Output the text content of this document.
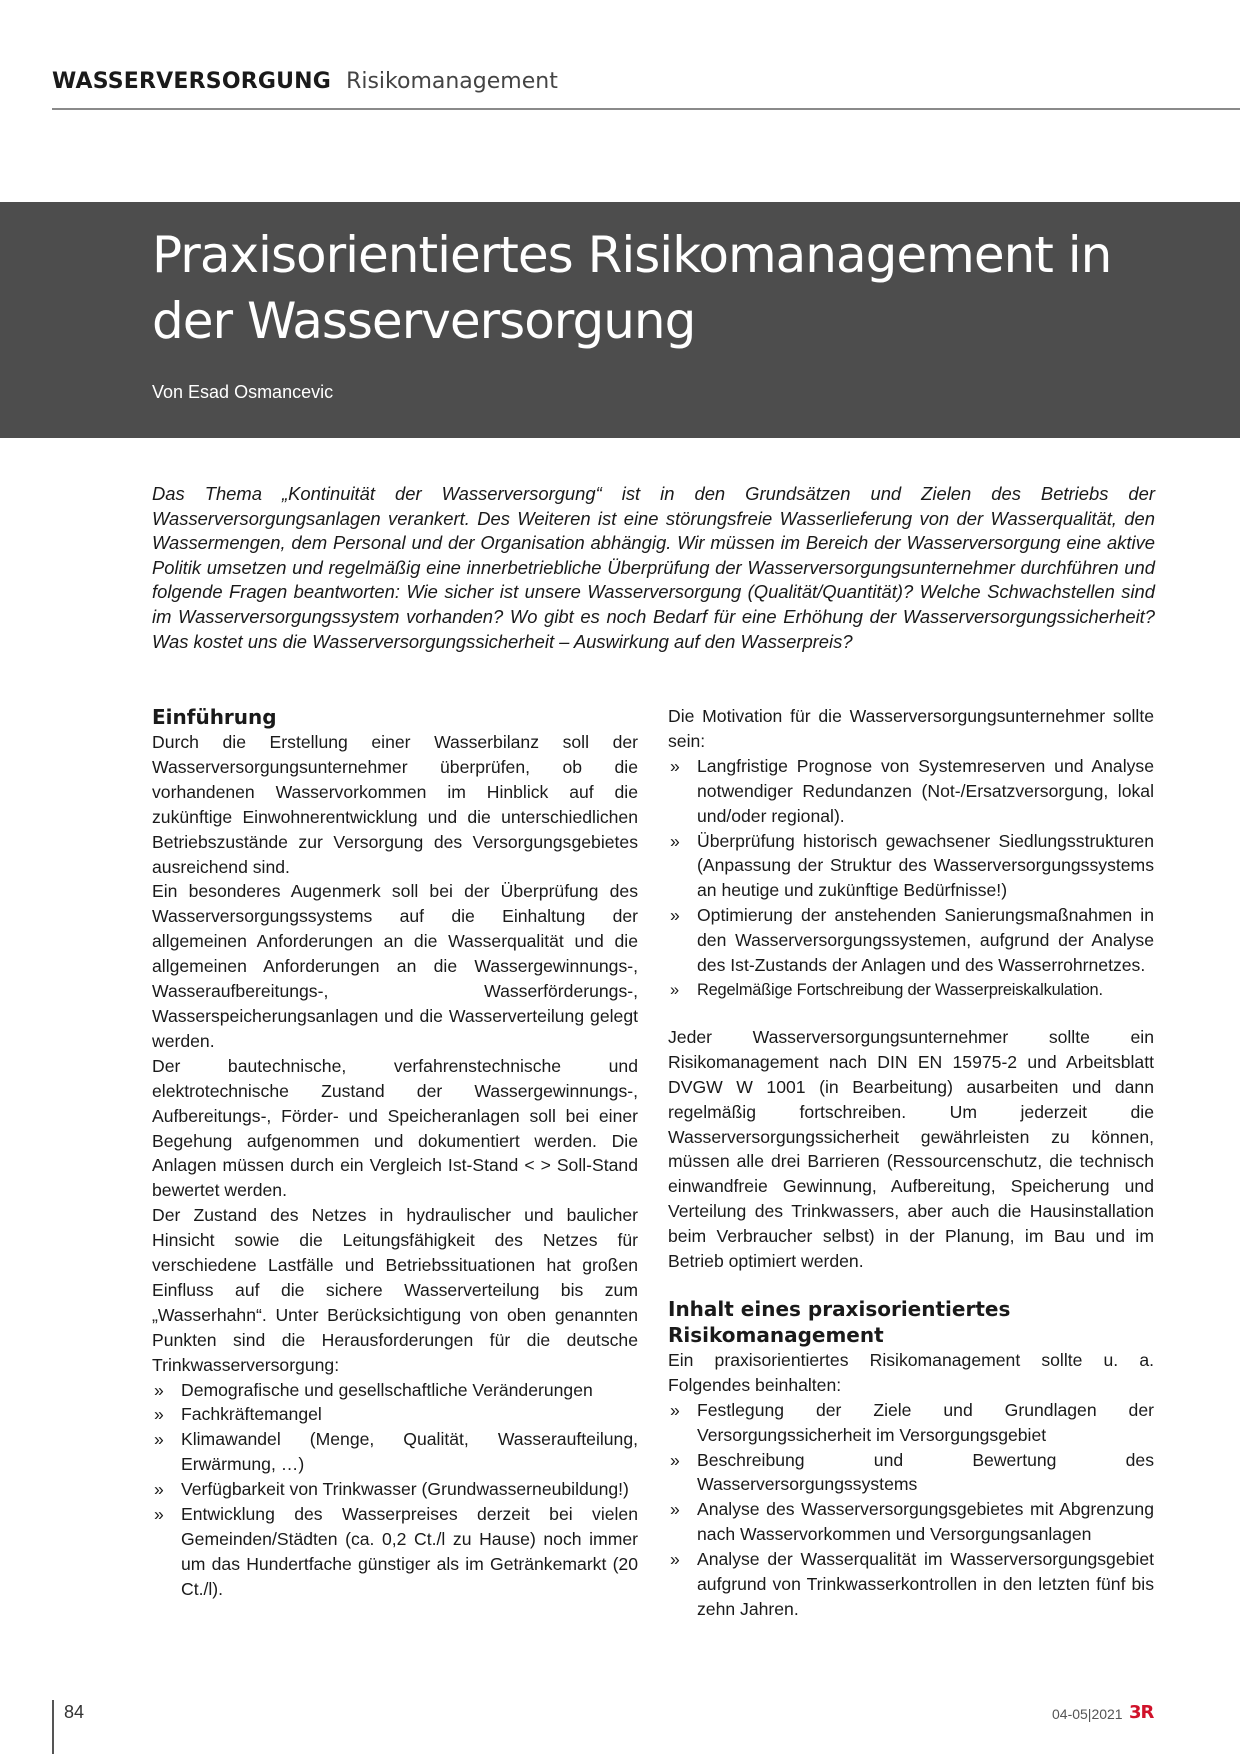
WASSERVERSORGUNG Risikomanagement
Praxisorientiertes Risikomanagement in der Wasserversorgung
Von Esad Osmancevic

Das Thema „Kontinuität der Wasserversorgung“ ist in den Grundsätzen und Zielen des Betriebs der Wasserversorgungsanlagen verankert. Des Weiteren ist eine störungsfreie Wasserlieferung von der Wasserqualität, den Wassermengen, dem Personal und der Organisation abhängig. Wir müssen im Bereich der Wasserversorgung eine aktive Politik umsetzen und regelmäßig eine innerbetriebliche Überprüfung der Wasserversorgungsunternehmer durchführen und folgende Fragen beantworten: Wie sicher ist unsere Wasserversorgung (Qualität/Quantität)? Welche Schwachstellen sind im Wasserversorgungssystem vorhanden? Wo gibt es noch Bedarf für eine Erhöhung der Wasserversorgungssicherheit? Was kostet uns die Wasserversorgungssicherheit – Auswirkung auf den Wasserpreis?

Einführung

Durch die Erstellung einer Wasserbilanz soll der Wasserversorgungsunternehmer überprüfen, ob die vorhandenen Wasservorkommen im Hinblick auf die zukünftige Einwohnerentwicklung und die unterschiedlichen Betriebszustände zur Versorgung des Versorgungsgebietes ausreichend sind.

Ein besonderes Augenmerk soll bei der Überprüfung des Wasserversorgungssystems auf die Einhaltung der allgemeinen Anforderungen an die Wasserqualität und die allgemeinen Anforderungen an die Wassergewinnungs-, Wasseraufbereitungs-, Wasserförderungs-, Wasserspeicherungsanlagen und die Wasserverteilung gelegt werden.

Der bautechnische, verfahrenstechnische und elektrotechnische Zustand der Wassergewinnungs-, Aufbereitungs-, Förder- und Speicheranlagen soll bei einer Begehung aufgenommen und dokumentiert werden. Die Anlagen müssen durch ein Vergleich Ist-Stand < > Soll-Stand bewertet werden.

Der Zustand des Netzes in hydraulischer und baulicher Hinsicht sowie die Leitungsfähigkeit des Netzes für verschiedene Lastfälle und Betriebssituationen hat großen Einfluss auf die sichere Wasserverteilung bis zum „Wasserhahn“. Unter Berücksichtigung von oben genannten Punkten sind die Herausforderungen für die deutsche Trinkwasserversorgung:

» Demografische und gesellschaftliche Veränderungen
» Fachkräftemangel
» Klimawandel (Menge, Qualität, Wasseraufteilung, Erwärmung, …)
» Verfügbarkeit von Trinkwasser (Grundwasserneubildung!)
» Entwicklung des Wasserpreises derzeit bei vielen Gemeinden/Städten (ca. 0,2 Ct./l zu Hause) noch immer um das Hundertfache günstiger als im Getränkemarkt (20 Ct./l).

Die Motivation für die Wasserversorgungsunternehmer sollte sein:

» Langfristige Prognose von Systemreserven und Analyse notwendiger Redundanzen (Not-/Ersatzversorgung, lokal und/oder regional).
» Überprüfung historisch gewachsener Siedlungsstrukturen (Anpassung der Struktur des Wasserversorgungssystems an heutige und zukünftige Bedürfnisse!)
» Optimierung der anstehenden Sanierungsmaßnahmen in den Wasserversorgungssystemen, aufgrund der Analyse des Ist-Zustands der Anlagen und des Wasserrohrnetzes.
» Regelmäßige Fortschreibung der Wasserpreiskalkulation.

Jeder Wasserversorgungsunternehmer sollte ein Risikomanagement nach DIN EN 15975-2 und Arbeitsblatt DVGW W 1001 (in Bearbeitung) ausarbeiten und dann regelmäßig fortschreiben. Um jederzeit die Wasserversorgungssicherheit gewährleisten zu können, müssen alle drei Barrieren (Ressourcenschutz, die technisch einwandfreie Gewinnung, Aufbereitung, Speicherung und Verteilung des Trinkwassers, aber auch die Hausinstallation beim Verbraucher selbst) in der Planung, im Bau und im Betrieb optimiert werden.

Inhalt eines praxisorientiertes Risikomanagement

Ein praxisorientiertes Risikomanagement sollte u. a. Folgendes beinhalten:

» Festlegung der Ziele und Grundlagen der Versorgungssicherheit im Versorgungsgebiet
» Beschreibung und Bewertung des Wasserversorgungssystems
» Analyse des Wasserversorgungsgebietes mit Abgrenzung nach Wasservorkommen und Versorgungsanlagen
» Analyse der Wasserqualität im Wasserversorgungsgebiet aufgrund von Trinkwasserkontrollen in den letzten fünf bis zehn Jahren.
84	04-05|2021 3R
